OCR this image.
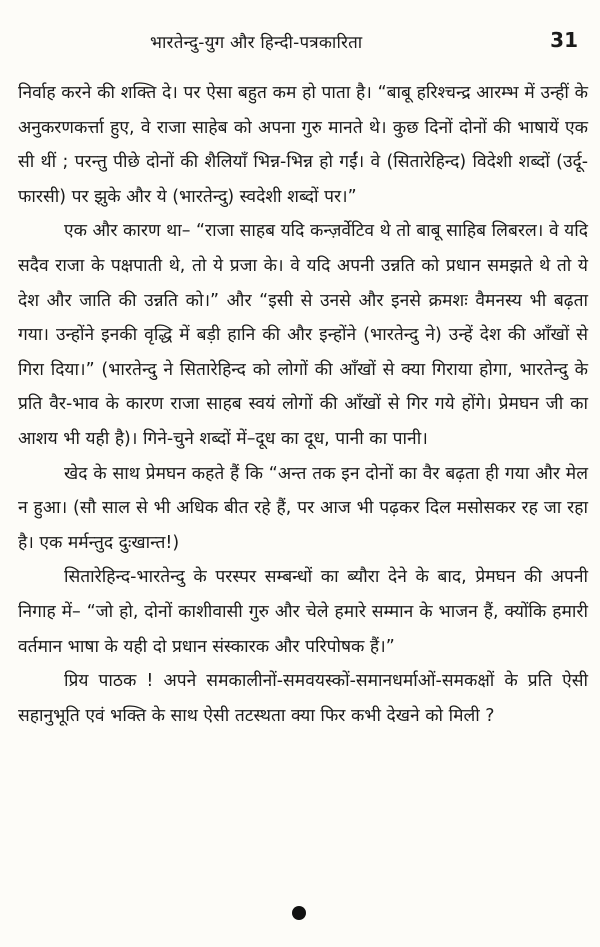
भारतेन्दु-युग और हिन्दी-पत्रकारिता	31

निर्वाह करने की शक्ति दे। पर ऐसा बहुत कम हो पाता है। “बाबू हरिश्चन्द्र आरम्भ में उन्हीं के अनुकरणकर्त्ता हुए, वे राजा साहेब को अपना गुरु मानते थे। कुछ दिनों दोनों की भाषायें एक सी थीं ; परन्तु पीछे दोनों की शैलियाँ भिन्न-भिन्न हो गईं। वे (सितारेहिन्द) विदेशी शब्दों (उर्दू-फारसी) पर झुके और ये (भारतेन्दु) स्वदेशी शब्दों पर।”

एक और कारण था– “राजा साहब यदि कन्ज़र्वेटिव थे तो बाबू साहिब लिबरल। वे यदि सदैव राजा के पक्षपाती थे, तो ये प्रजा के। वे यदि अपनी उन्नति को प्रधान समझते थे तो ये देश और जाति की उन्नति को।” और “इसी से उनसे और इनसे क्रमशः वैमनस्य भी बढ़ता गया। उन्होंने इनकी वृद्धि में बड़ी हानि की और इन्होंने (भारतेन्दु ने) उन्हें देश की आँखों से गिरा दिया।” (भारतेन्दु ने सितारेहिन्द को लोगों की आँखों से क्या गिराया होगा, भारतेन्दु के प्रति वैर-भाव के कारण राजा साहब स्वयं लोगों की आँखों से गिर गये होंगे। प्रेमघन जी का आशय भी यही है)। गिने-चुने शब्दों में–दूध का दूध, पानी का पानी।

खेद के साथ प्रेमघन कहते हैं कि “अन्त तक इन दोनों का वैर बढ़ता ही गया और मेल न हुआ। (सौ साल से भी अधिक बीत रहे हैं, पर आज भी पढ़कर दिल मसोसकर रह जा रहा है। एक मर्मन्तुद दुःखान्त!)

सितारेहिन्द-भारतेन्दु के परस्पर सम्बन्धों का ब्यौरा देने के बाद, प्रेमघन की अपनी निगाह में– “जो हो, दोनों काशीवासी गुरु और चेले हमारे सम्मान के भाजन हैं, क्योंकि हमारी वर्तमान भाषा के यही दो प्रधान संस्कारक और परिपोषक हैं।”

प्रिय पाठक ! अपने समकालीनों-समवयस्कों-समानधर्माओं-समकक्षों के प्रति ऐसी सहानुभूति एवं भक्ति के साथ ऐसी तटस्थता क्या फिर कभी देखने को मिली ?
